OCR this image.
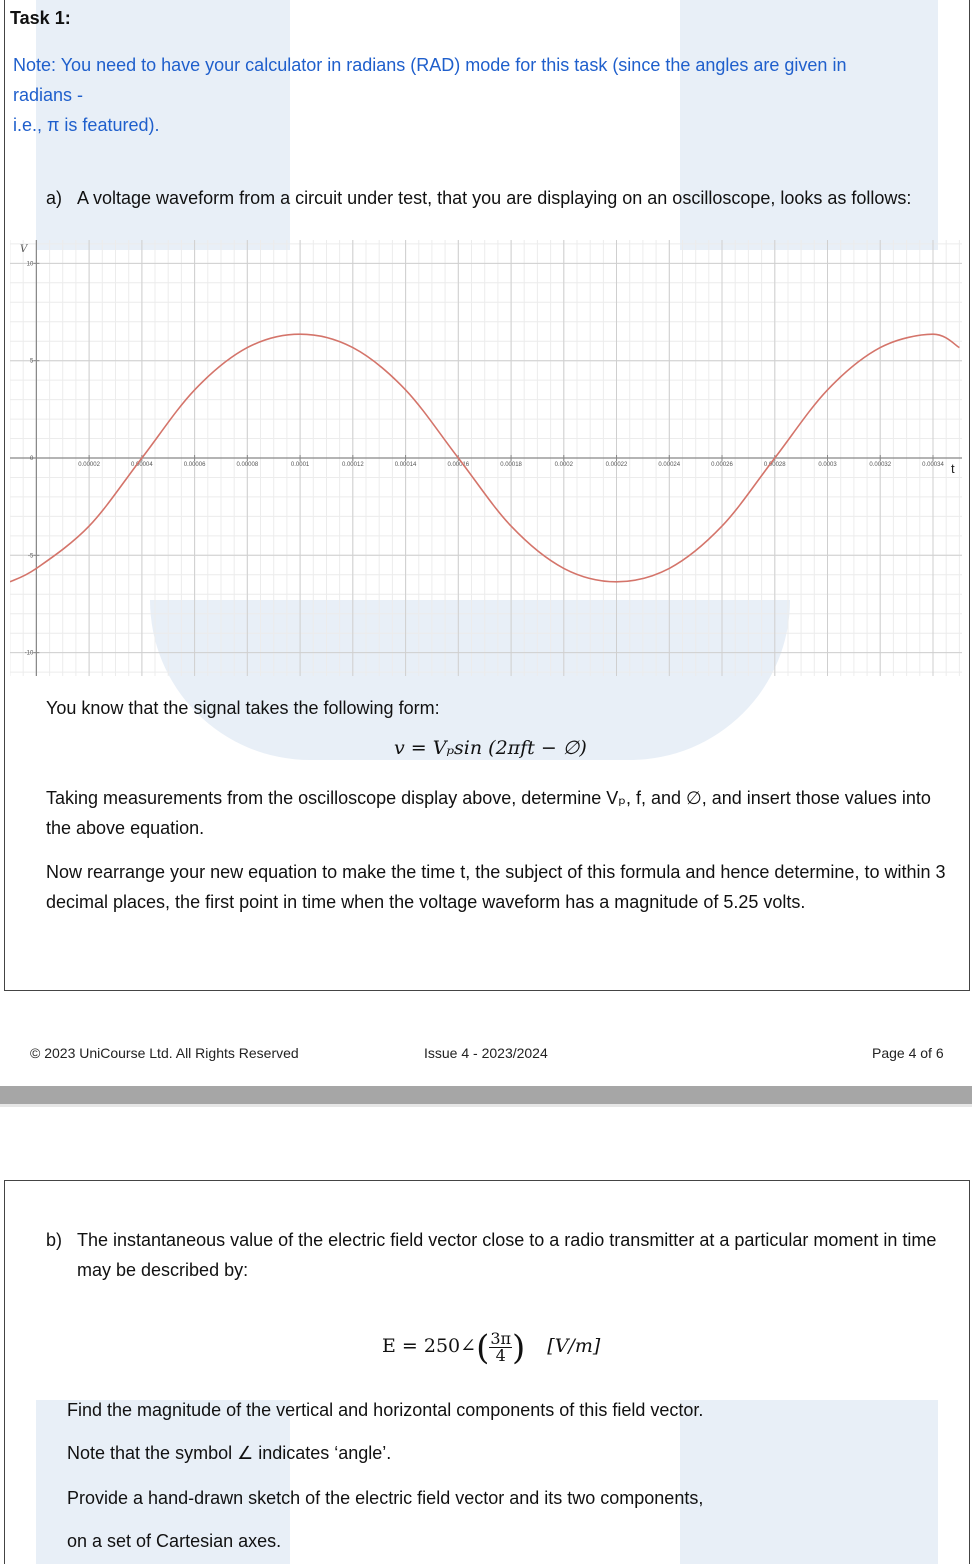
Task 1:
Note: You need to have your calculator in radians (RAD) mode for this task (since the angles are given in
radians -
i.e., π is featured).
a) A voltage waveform from a circuit under test, that you are displaying on an oscilloscope, looks as follows:
0.00002	0.00004	0.00006	0.00008	0.0001	0.00012	0.00014	0.00016	0.00018	0.0002	0.00022	0.00024	0.00026	0.00028	0.0003	0.00032	0.00034
10
5
0
-5
-10
V
t
You know that the signal takes the following form:
v = Vₚsin (2πft − ∅)
Taking measurements from the oscilloscope display above, determine Vₚ, f, and ∅, and insert those values into the above equation.
Now rearrange your new equation to make the time t, the subject of this formula and hence determine, to within 3 decimal places, the first point in time when the voltage waveform has a magnitude of 5.25 volts.
© 2023 UniCourse Ltd. All Rights Reserved	Issue 4 - 2023/2024	Page 4 of 6
b) The instantaneous value of the electric field vector close to a radio transmitter at a particular moment in time may be described by:
E = 250∠( $\frac{3\pi}{4}$ ) [V/m]
Find the magnitude of the vertical and horizontal components of this field vector.
Note that the symbol ∠ indicates ‘angle’.
Provide a hand-drawn sketch of the electric field vector and its two components,
on a set of Cartesian axes.
